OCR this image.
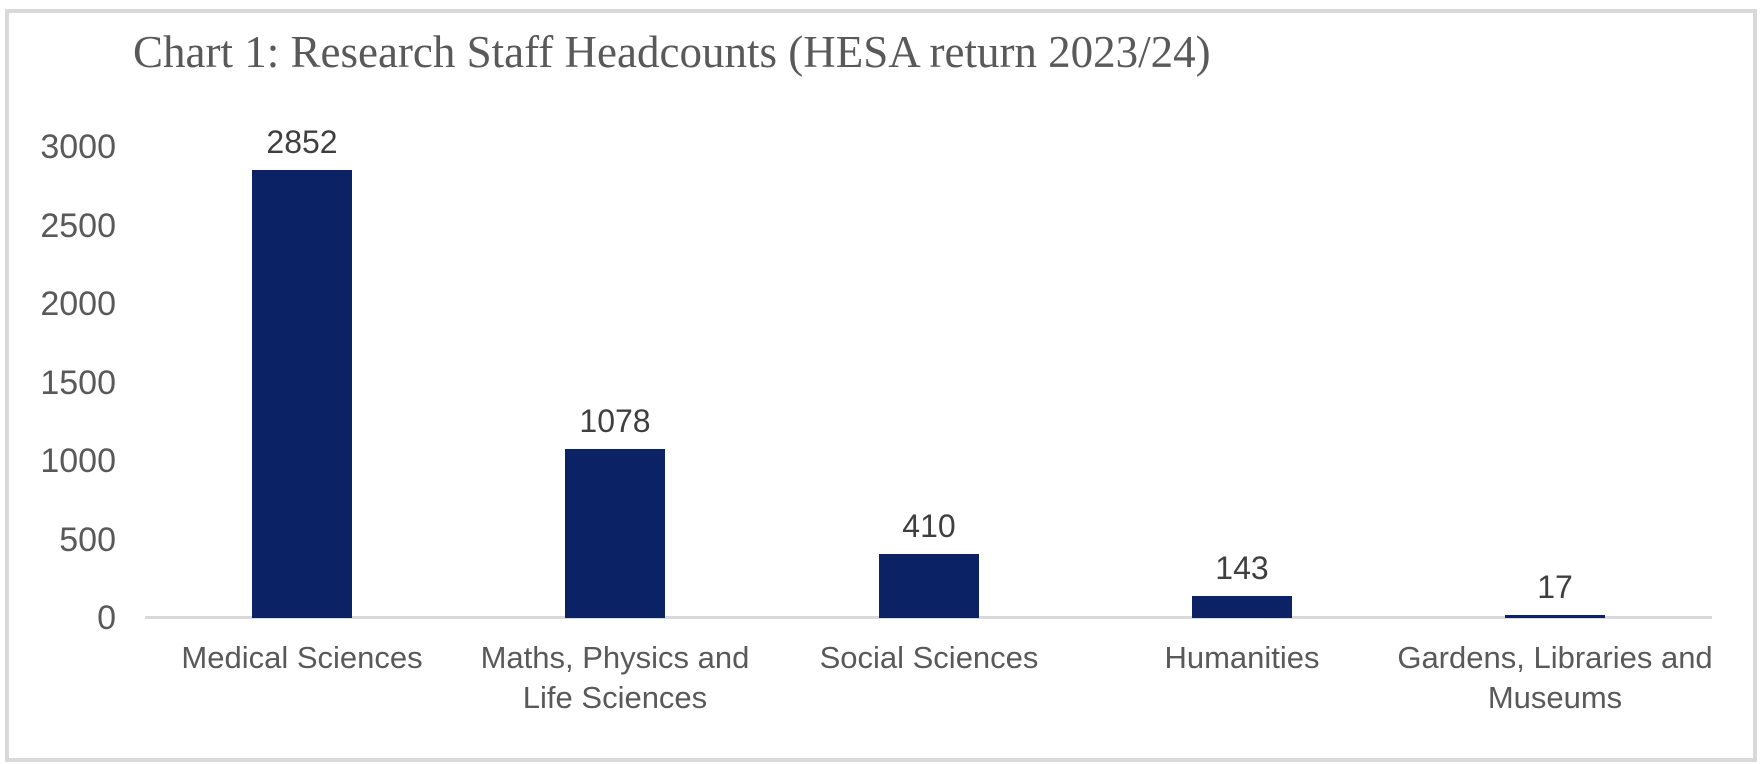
Chart 1: Research Staff Headcounts (HESA return 2023/24)
0
500
1000
1500
2000
2500
3000	2852
1078
410
143
17
Medical Sciences	Maths, Physics and Life Sciences
Social Sciences	Humanities	Gardens, Libraries and Museums
